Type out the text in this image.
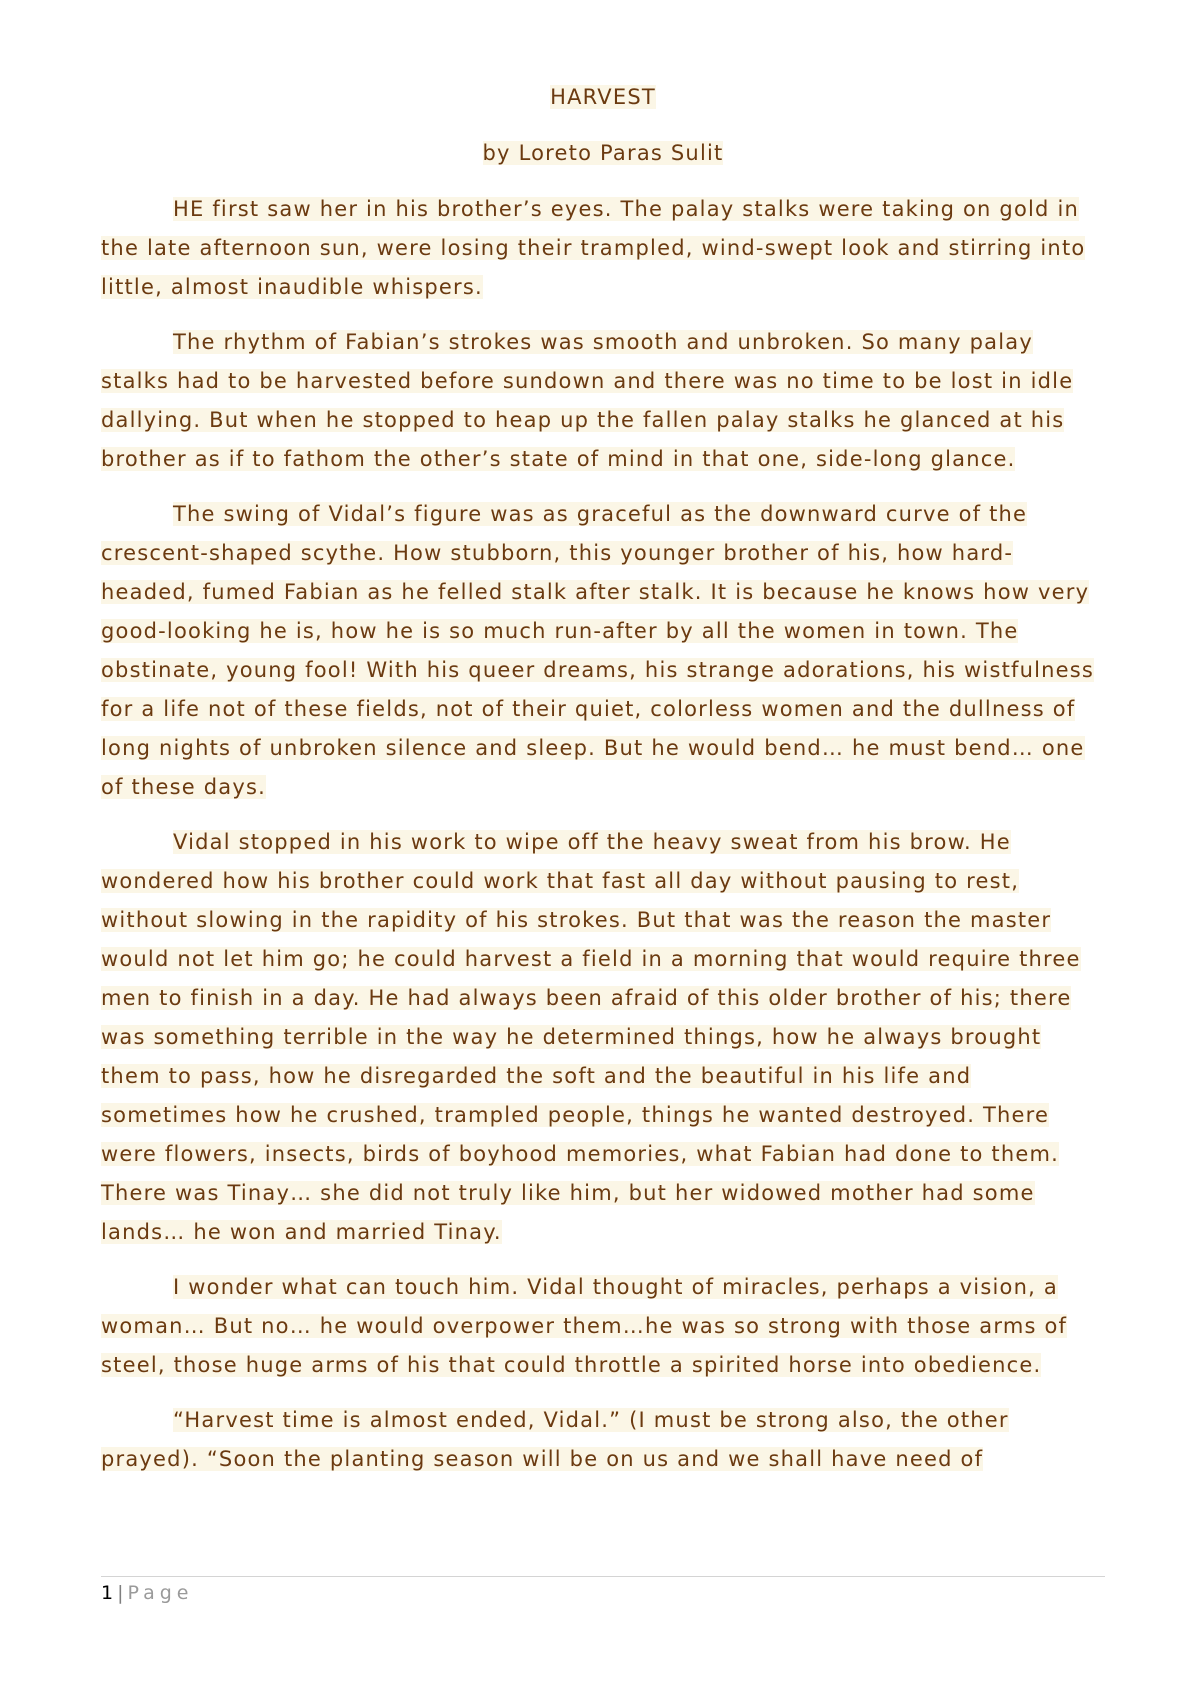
HARVEST

by Loreto Paras Sulit

HE first saw her in his brother’s eyes. The palay stalks were taking on gold in the late afternoon sun, were losing their trampled, wind-swept look and stirring into little, almost inaudible whispers.

The rhythm of Fabian’s strokes was smooth and unbroken. So many palay stalks had to be harvested before sundown and there was no time to be lost in idle dallying. But when he stopped to heap up the fallen palay stalks he glanced at his brother as if to fathom the other’s state of mind in that one, side-long glance.

The swing of Vidal’s figure was as graceful as the downward curve of the crescent-shaped scythe. How stubborn, this younger brother of his, how hard-headed, fumed Fabian as he felled stalk after stalk. It is because he knows how very good-looking he is, how he is so much run-after by all the women in town. The obstinate, young fool! With his queer dreams, his strange adorations, his wistfulness for a life not of these fields, not of their quiet, colorless women and the dullness of long nights of unbroken silence and sleep. But he would bend… he must bend… one of these days.

Vidal stopped in his work to wipe off the heavy sweat from his brow. He wondered how his brother could work that fast all day without pausing to rest, without slowing in the rapidity of his strokes. But that was the reason the master would not let him go; he could harvest a field in a morning that would require three men to finish in a day. He had always been afraid of this older brother of his; there was something terrible in the way he determined things, how he always brought them to pass, how he disregarded the soft and the beautiful in his life and sometimes how he crushed, trampled people, things he wanted destroyed. There were flowers, insects, birds of boyhood memories, what Fabian had done to them. There was Tinay… she did not truly like him, but her widowed mother had some lands… he won and married Tinay.

I wonder what can touch him. Vidal thought of miracles, perhaps a vision, a woman… But no… he would overpower them…he was so strong with those arms of steel, those huge arms of his that could throttle a spirited horse into obedience.

“Harvest time is almost ended, Vidal.” (I must be strong also, the other prayed). “Soon the planting season will be on us and we shall have need of

1 | Page
